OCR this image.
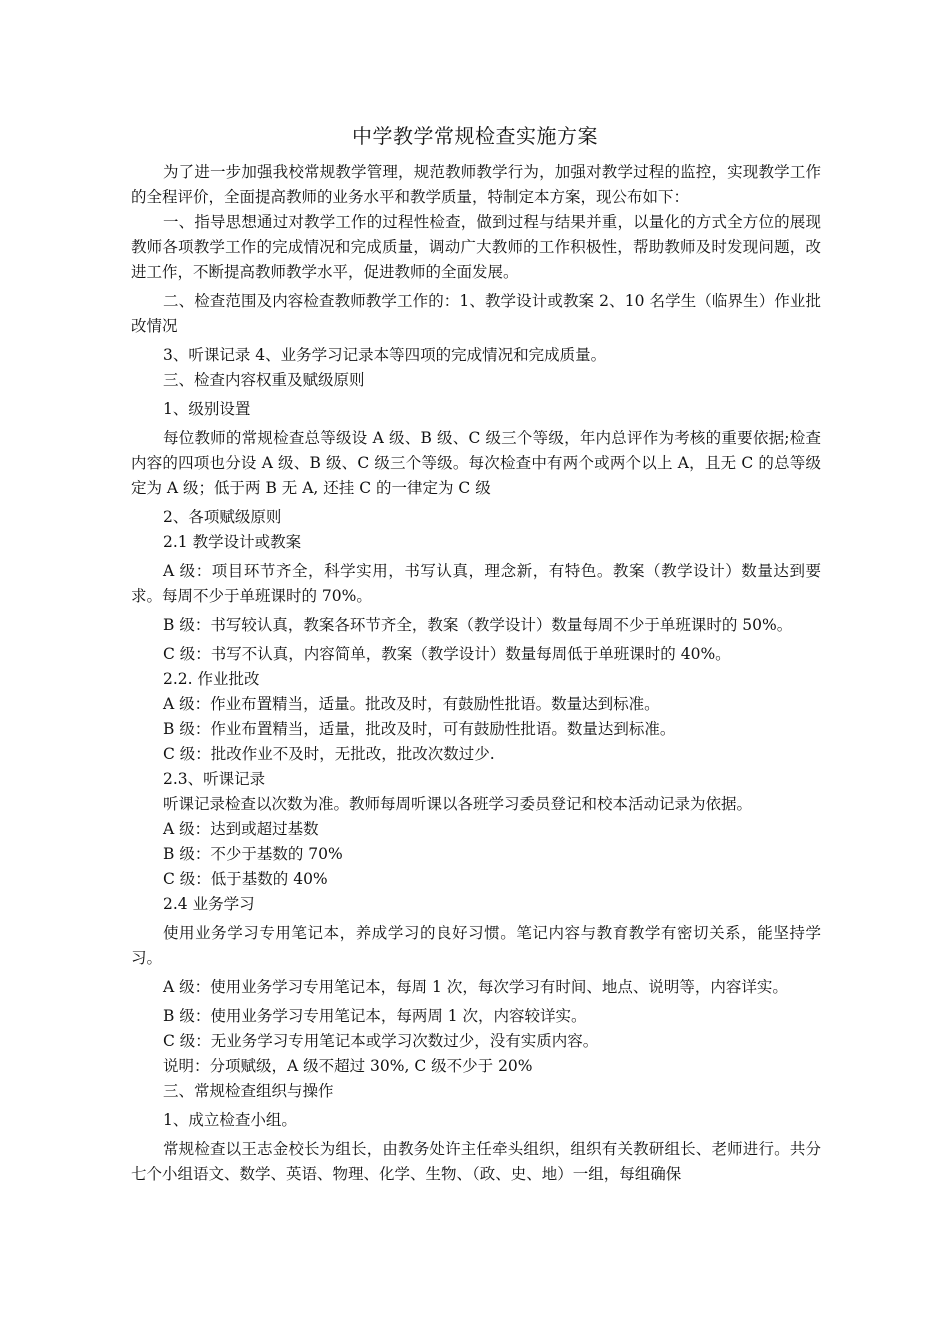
中学教学常规检查实施方案

为了进一步加强我校常规教学管理，规范教师教学行为，加强对教学过程的监控，实现教学工作的全程评价，全面提高教师的业务水平和教学质量，特制定本方案，现公布如下：

一、指导思想通过对教学工作的过程性检查，做到过程与结果并重，以量化的方式全方位的展现教师各项教学工作的完成情况和完成质量，调动广大教师的工作积极性，帮助教师及时发现问题，改进工作，不断提高教师教学水平，促进教师的全面发展。

二、检查范围及内容检查教师教学工作的：1、教学设计或教案 2、10 名学生（临界生）作业批改情况

3、听课记录 4、业务学习记录本等四项的完成情况和完成质量。

三、检查内容权重及赋级原则

1、级别设置

每位教师的常规检查总等级设 A 级、B 级、C 级三个等级，年内总评作为考核的重要依据;检查内容的四项也分设 A 级、B 级、C 级三个等级。每次检查中有两个或两个以上 A，且无 C 的总等级定为 A 级；低于两 B 无 A, 还挂 C 的一律定为 C 级

2、各项赋级原则

2.1 教学设计或教案

A 级：项目环节齐全，科学实用，书写认真，理念新，有特色。教案（教学设计）数量达到要求。每周不少于单班课时的 70%。

B 级：书写较认真，教案各环节齐全，教案（教学设计）数量每周不少于单班课时的 50%。

C 级：书写不认真，内容简单，教案（教学设计）数量每周低于单班课时的 40%。

2.2. 作业批改

A 级：作业布置精当，适量。批改及时，有鼓励性批语。数量达到标准。

B 级：作业布置精当，适量，批改及时，可有鼓励性批语。数量达到标准。

C 级：批改作业不及时，无批改，批改次数过少.

2.3、听课记录

听课记录检查以次数为准。教师每周听课以各班学习委员登记和校本活动记录为依据。

A 级：达到或超过基数

B 级：不少于基数的 70%

C 级：低于基数的 40%

2.4 业务学习

使用业务学习专用笔记本，养成学习的良好习惯。笔记内容与教育教学有密切关系，能坚持学习。

A 级：使用业务学习专用笔记本，每周 1 次，每次学习有时间、地点、说明等，内容详实。

B 级：使用业务学习专用笔记本，每两周 1 次，内容较详实。

C 级：无业务学习专用笔记本或学习次数过少，没有实质内容。

说明：分项赋级，A 级不超过 30%, C 级不少于 20%

三、常规检查组织与操作

1、成立检查小组。

常规检查以王志金校长为组长，由教务处许主任牵头组织，组织有关教研组长、老师进行。共分七个小组语文、数学、英语、物理、化学、生物、（政、史、地）一组，每组确保
